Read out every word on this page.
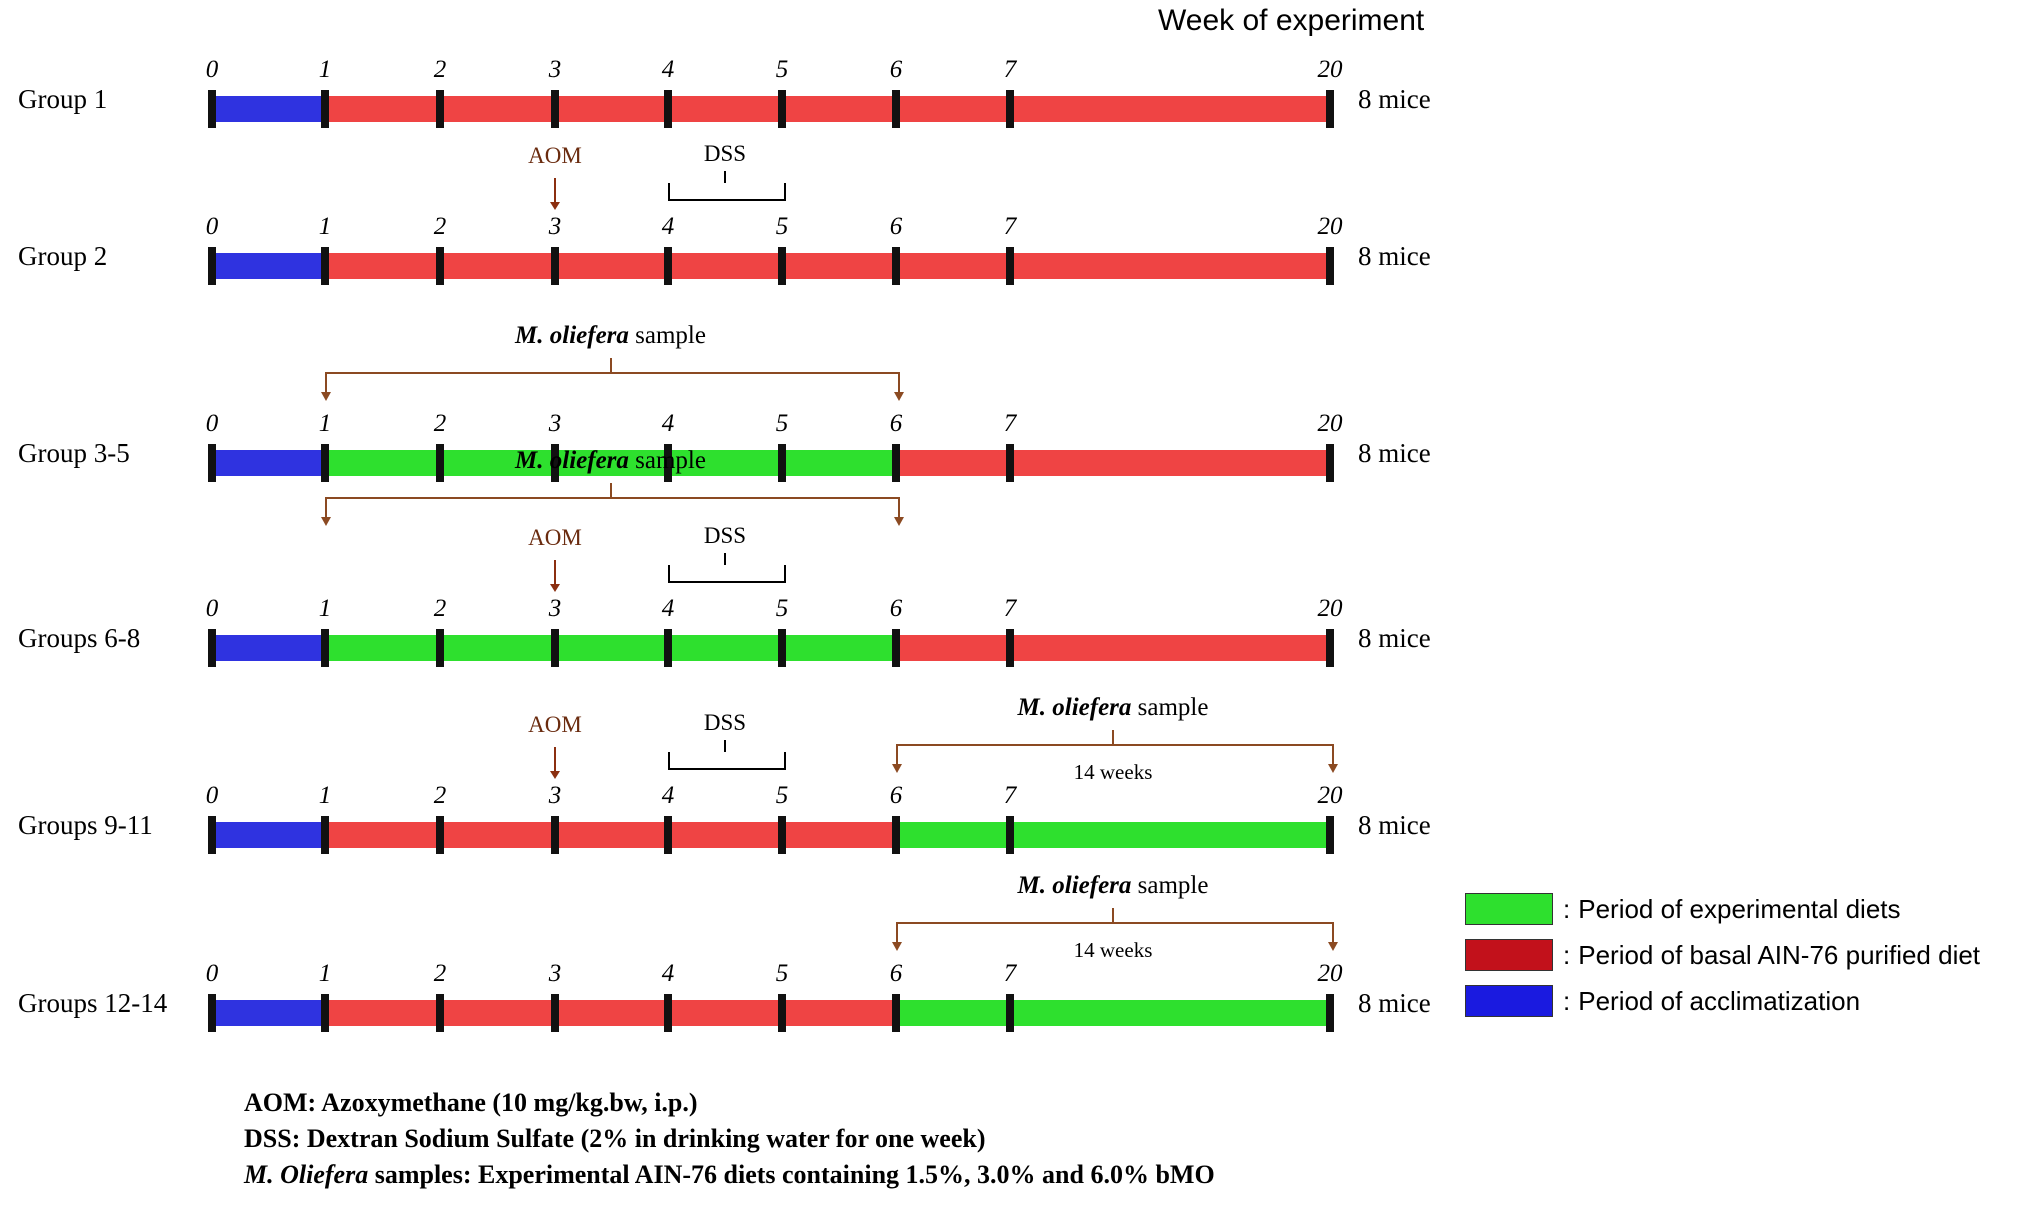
Week of experiment
Group 1	8 mice
0	1	2	3	4	5	6	7	20
Group 2	8 mice
0	1	2	3	4	5	6	7	20
AOM	DSS
Group 3-5	8 mice
0	1	2	3	4	5	6	7	20
M. oliefera sample
Groups 6-8	8 mice
0	1	2	3	4	5	6	7	20
M. oliefera sample
AOM	DSS
Groups 9-11	8 mice
0	1	2	3	4	5	6	7	20
AOM	DSS
M. oliefera sample
14 weeks
Groups 12-14	8 mice
0	1	2	3	4	5	6	7	20
M. oliefera sample
14 weeks
: Period of experimental diets
: Period of basal AIN-76 purified diet
: Period of acclimatization
AOM: Azoxymethane (10 mg/kg.bw, i.p.)
DSS: Dextran Sodium Sulfate (2% in drinking water for one week)
M. Oliefera samples: Experimental AIN-76 diets containing 1.5%, 3.0% and 6.0% bMO
